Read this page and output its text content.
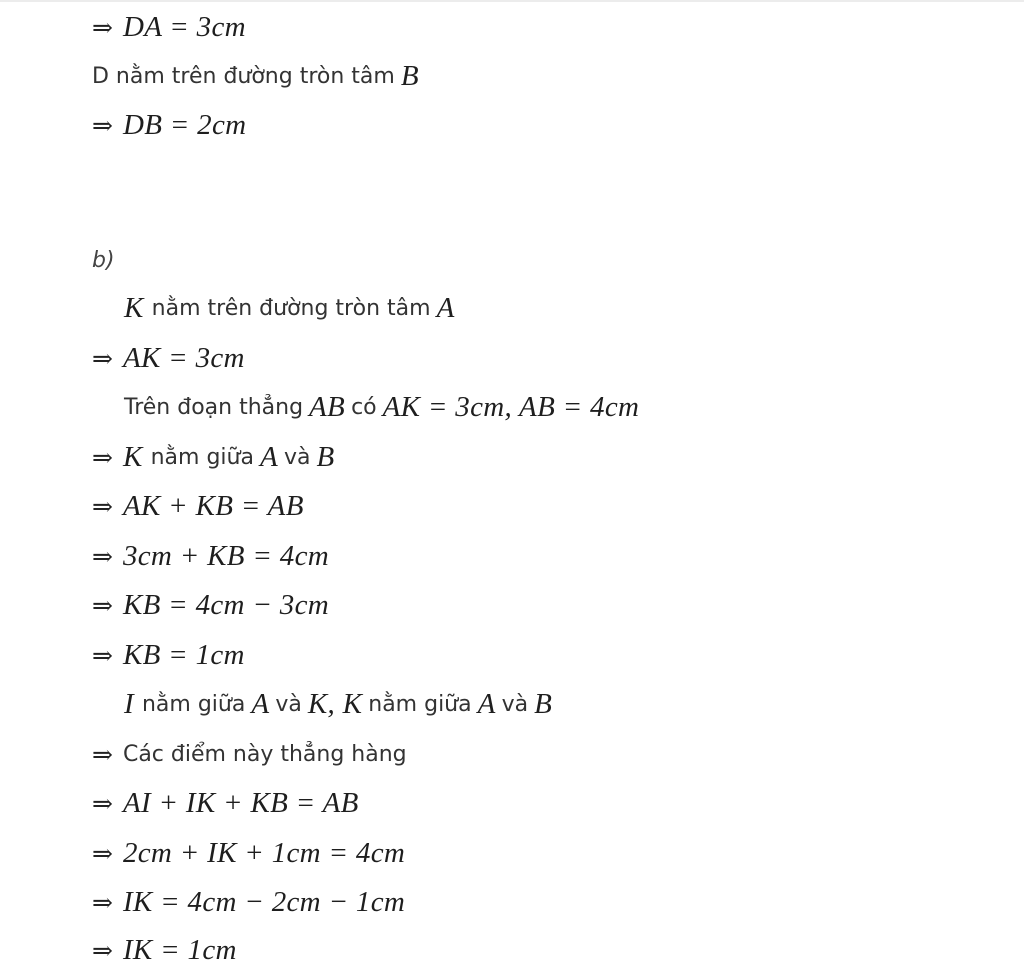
⇒ DA = 3cm
D nằm trên đường tròn tâm B
⇒ DB = 2cm
b)
K nằm trên đường tròn tâm A
⇒ AK = 3cm
Trên đoạn thẳng AB có AK = 3cm, AB = 4cm
⇒ K nằm giữa A và B
⇒ AK + KB = AB
⇒ 3cm + KB = 4cm
⇒ KB = 4cm − 3cm
⇒ KB = 1cm
I nằm giữa A và K, K nằm giữa A và B
⇒ Các điểm này thẳng hàng
⇒ AI + IK + KB = AB
⇒ 2cm + IK + 1cm = 4cm
⇒ IK = 4cm − 2cm − 1cm
⇒ IK = 1cm
